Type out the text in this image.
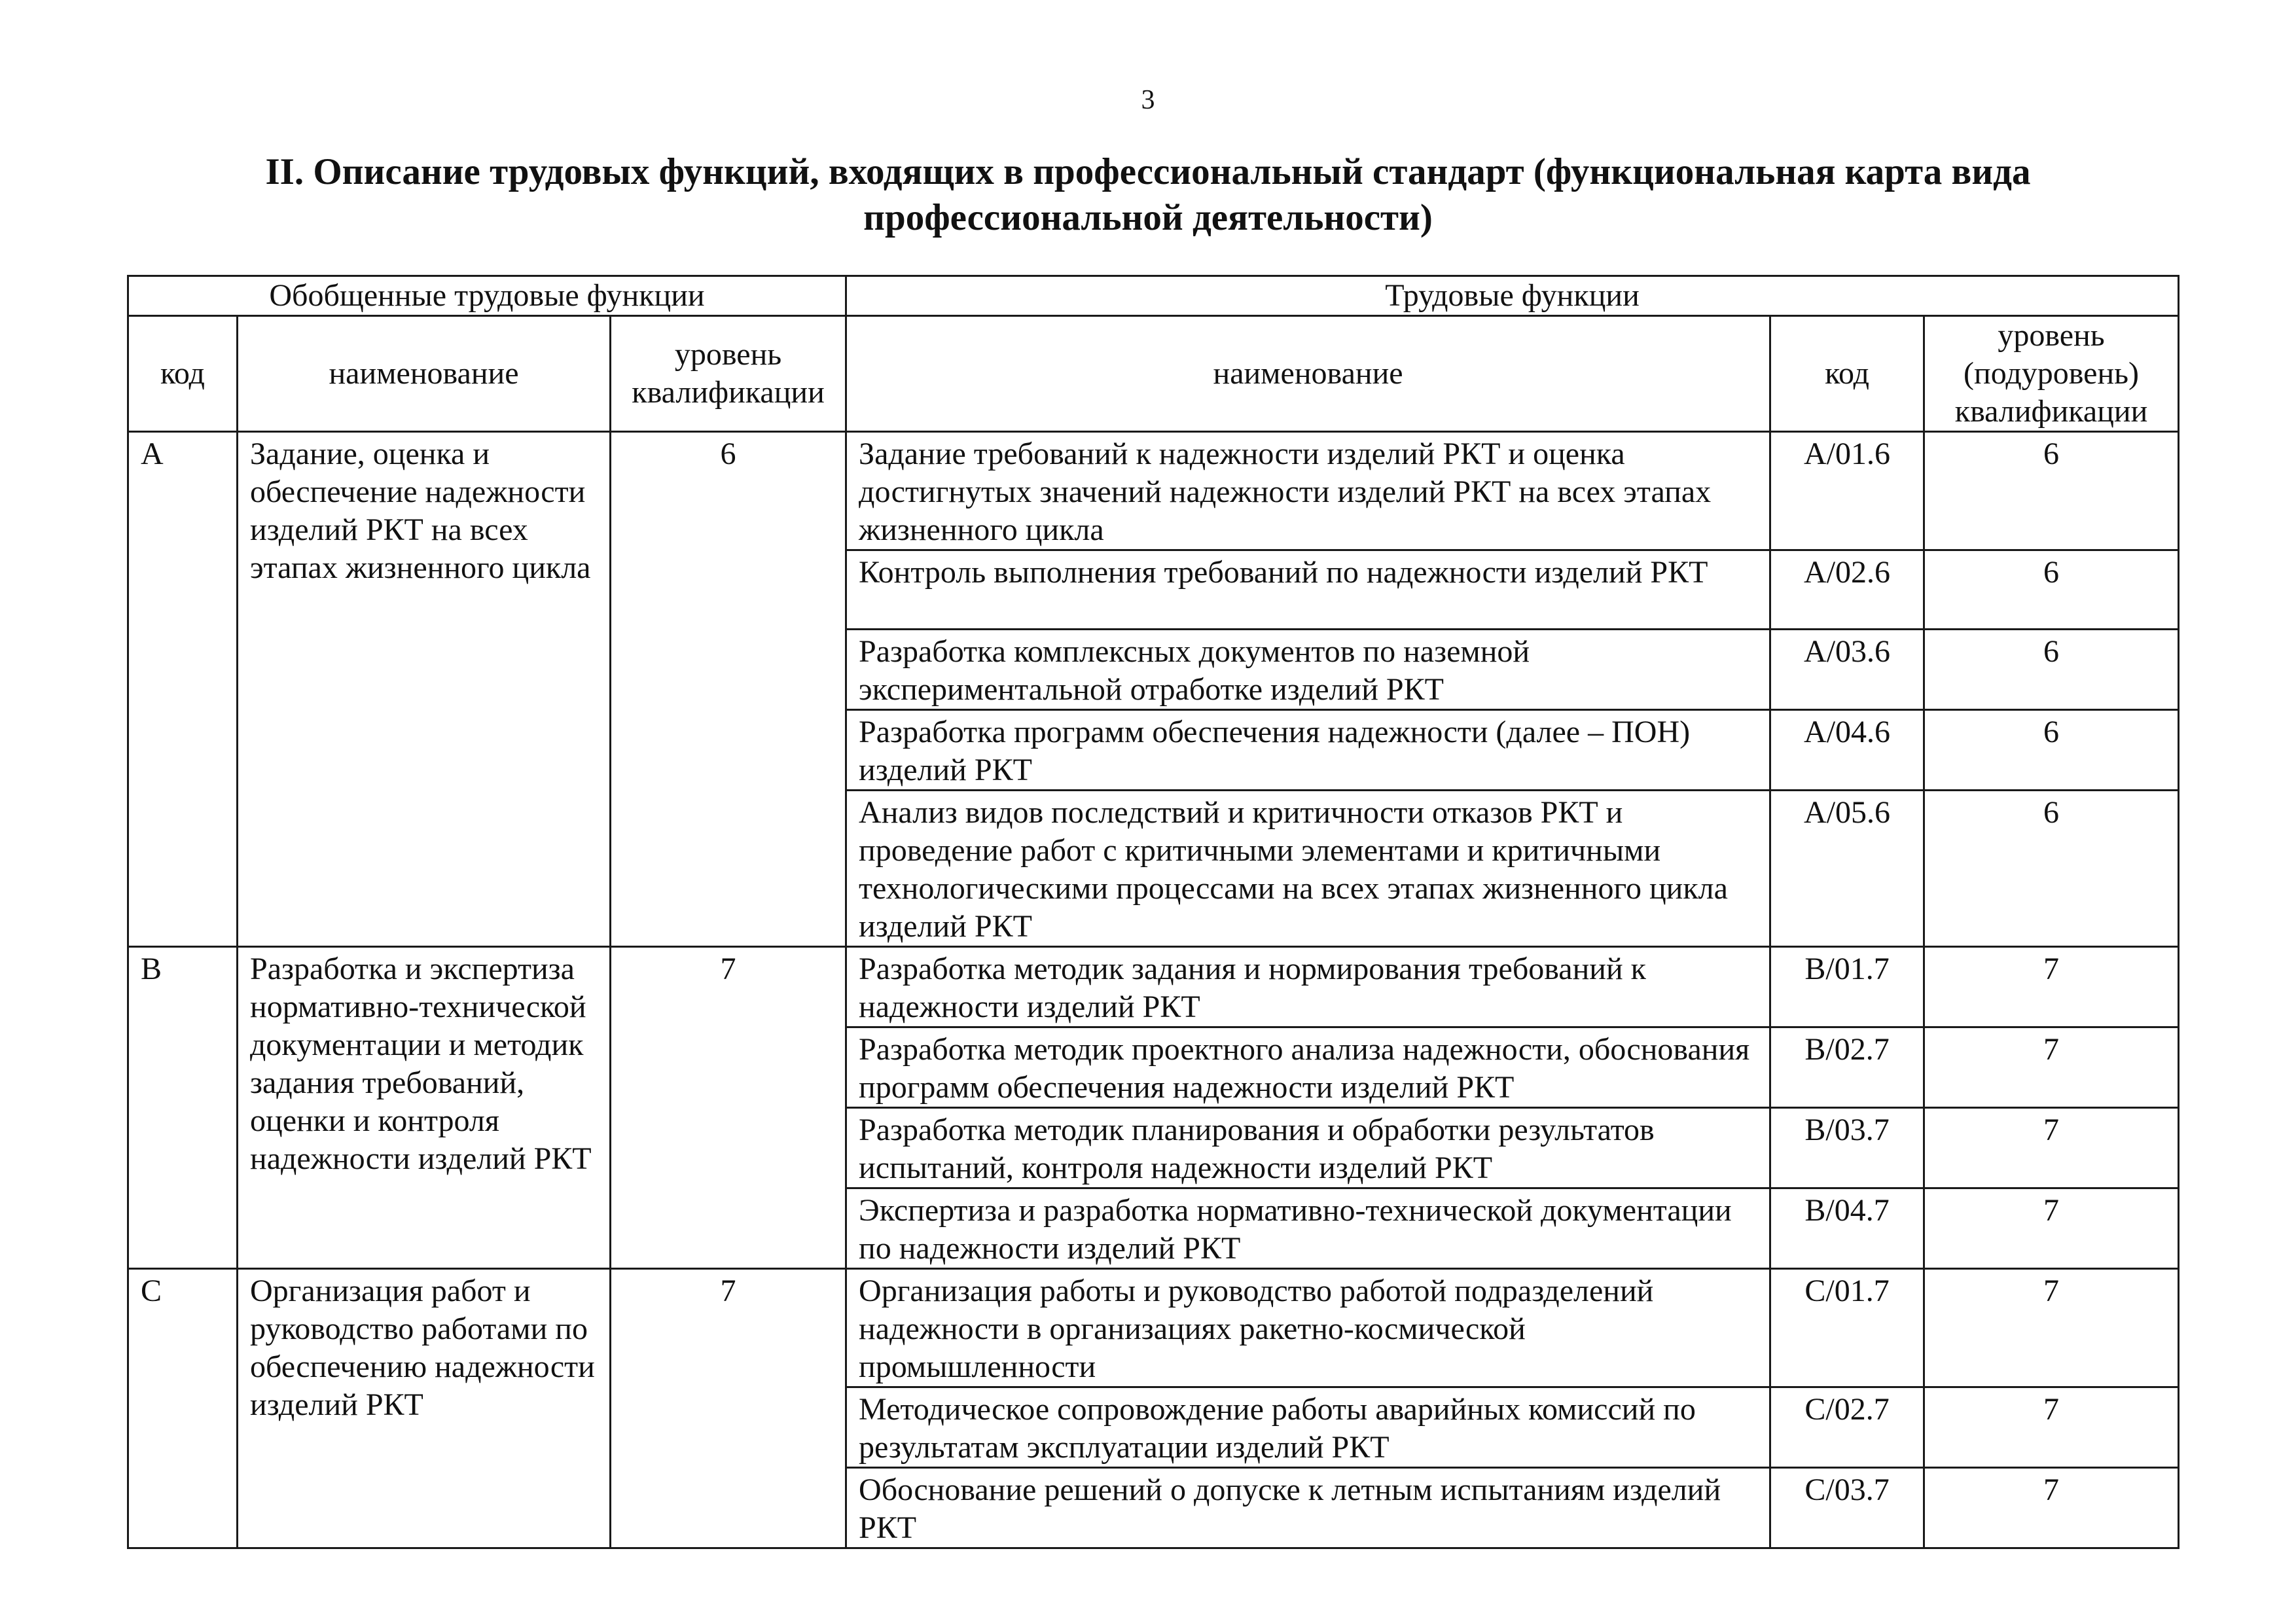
3
II. Описание трудовых функций, входящих в профессиональный стандарт (функциональная карта вида
профессиональной деятельности)
Обобщенные трудовые функции			Трудовые функции		
код	наименование	уровень квалификации	наименование	код	уровень (подуровень) квалификации
A	Задание, оценка и обеспечение надежности изделий РКТ на всех этапах жизненного цикла	6	Задание требований к надежности изделий РКТ и оценка достигнутых значений надежности изделий РКТ на всех этапах жизненного цикла	A/01.6	6
			Контроль выполнения требований по надежности изделий РКТ	A/02.6	6
			Разработка комплексных документов по наземной экспериментальной отработке изделий РКТ	A/03.6	6
			Разработка программ обеспечения надежности (далее – ПОН) изделий РКТ	A/04.6	6
			Анализ видов последствий и критичности отказов РКТ и проведение работ с критичными элементами и критичными технологическими процессами на всех этапах жизненного цикла изделий РКТ	A/05.6	6
B	Разработка и экспертиза нормативно-технической документации и методик задания требований, оценки и контроля надежности изделий РКТ	7	Разработка методик задания и нормирования требований к надежности изделий РКТ	B/01.7	7
			Разработка методик проектного анализа надежности, обоснования программ обеспечения надежности изделий РКТ	B/02.7	7
			Разработка методик планирования и обработки результатов испытаний, контроля надежности изделий РКТ	B/03.7	7
			Экспертиза и разработка нормативно-технической документации по надежности изделий РКТ	B/04.7	7
C	Организация работ и руководство работами по обеспечению надежности изделий РКТ	7	Организация работы и руководство работой подразделений надежности в организациях ракетно-космической промышленности	C/01.7	7
			Методическое сопровождение работы аварийных комиссий по результатам эксплуатации изделий РКТ	C/02.7	7
			Обоснование решений о допуске к летным испытаниям изделий РКТ	C/03.7	7
